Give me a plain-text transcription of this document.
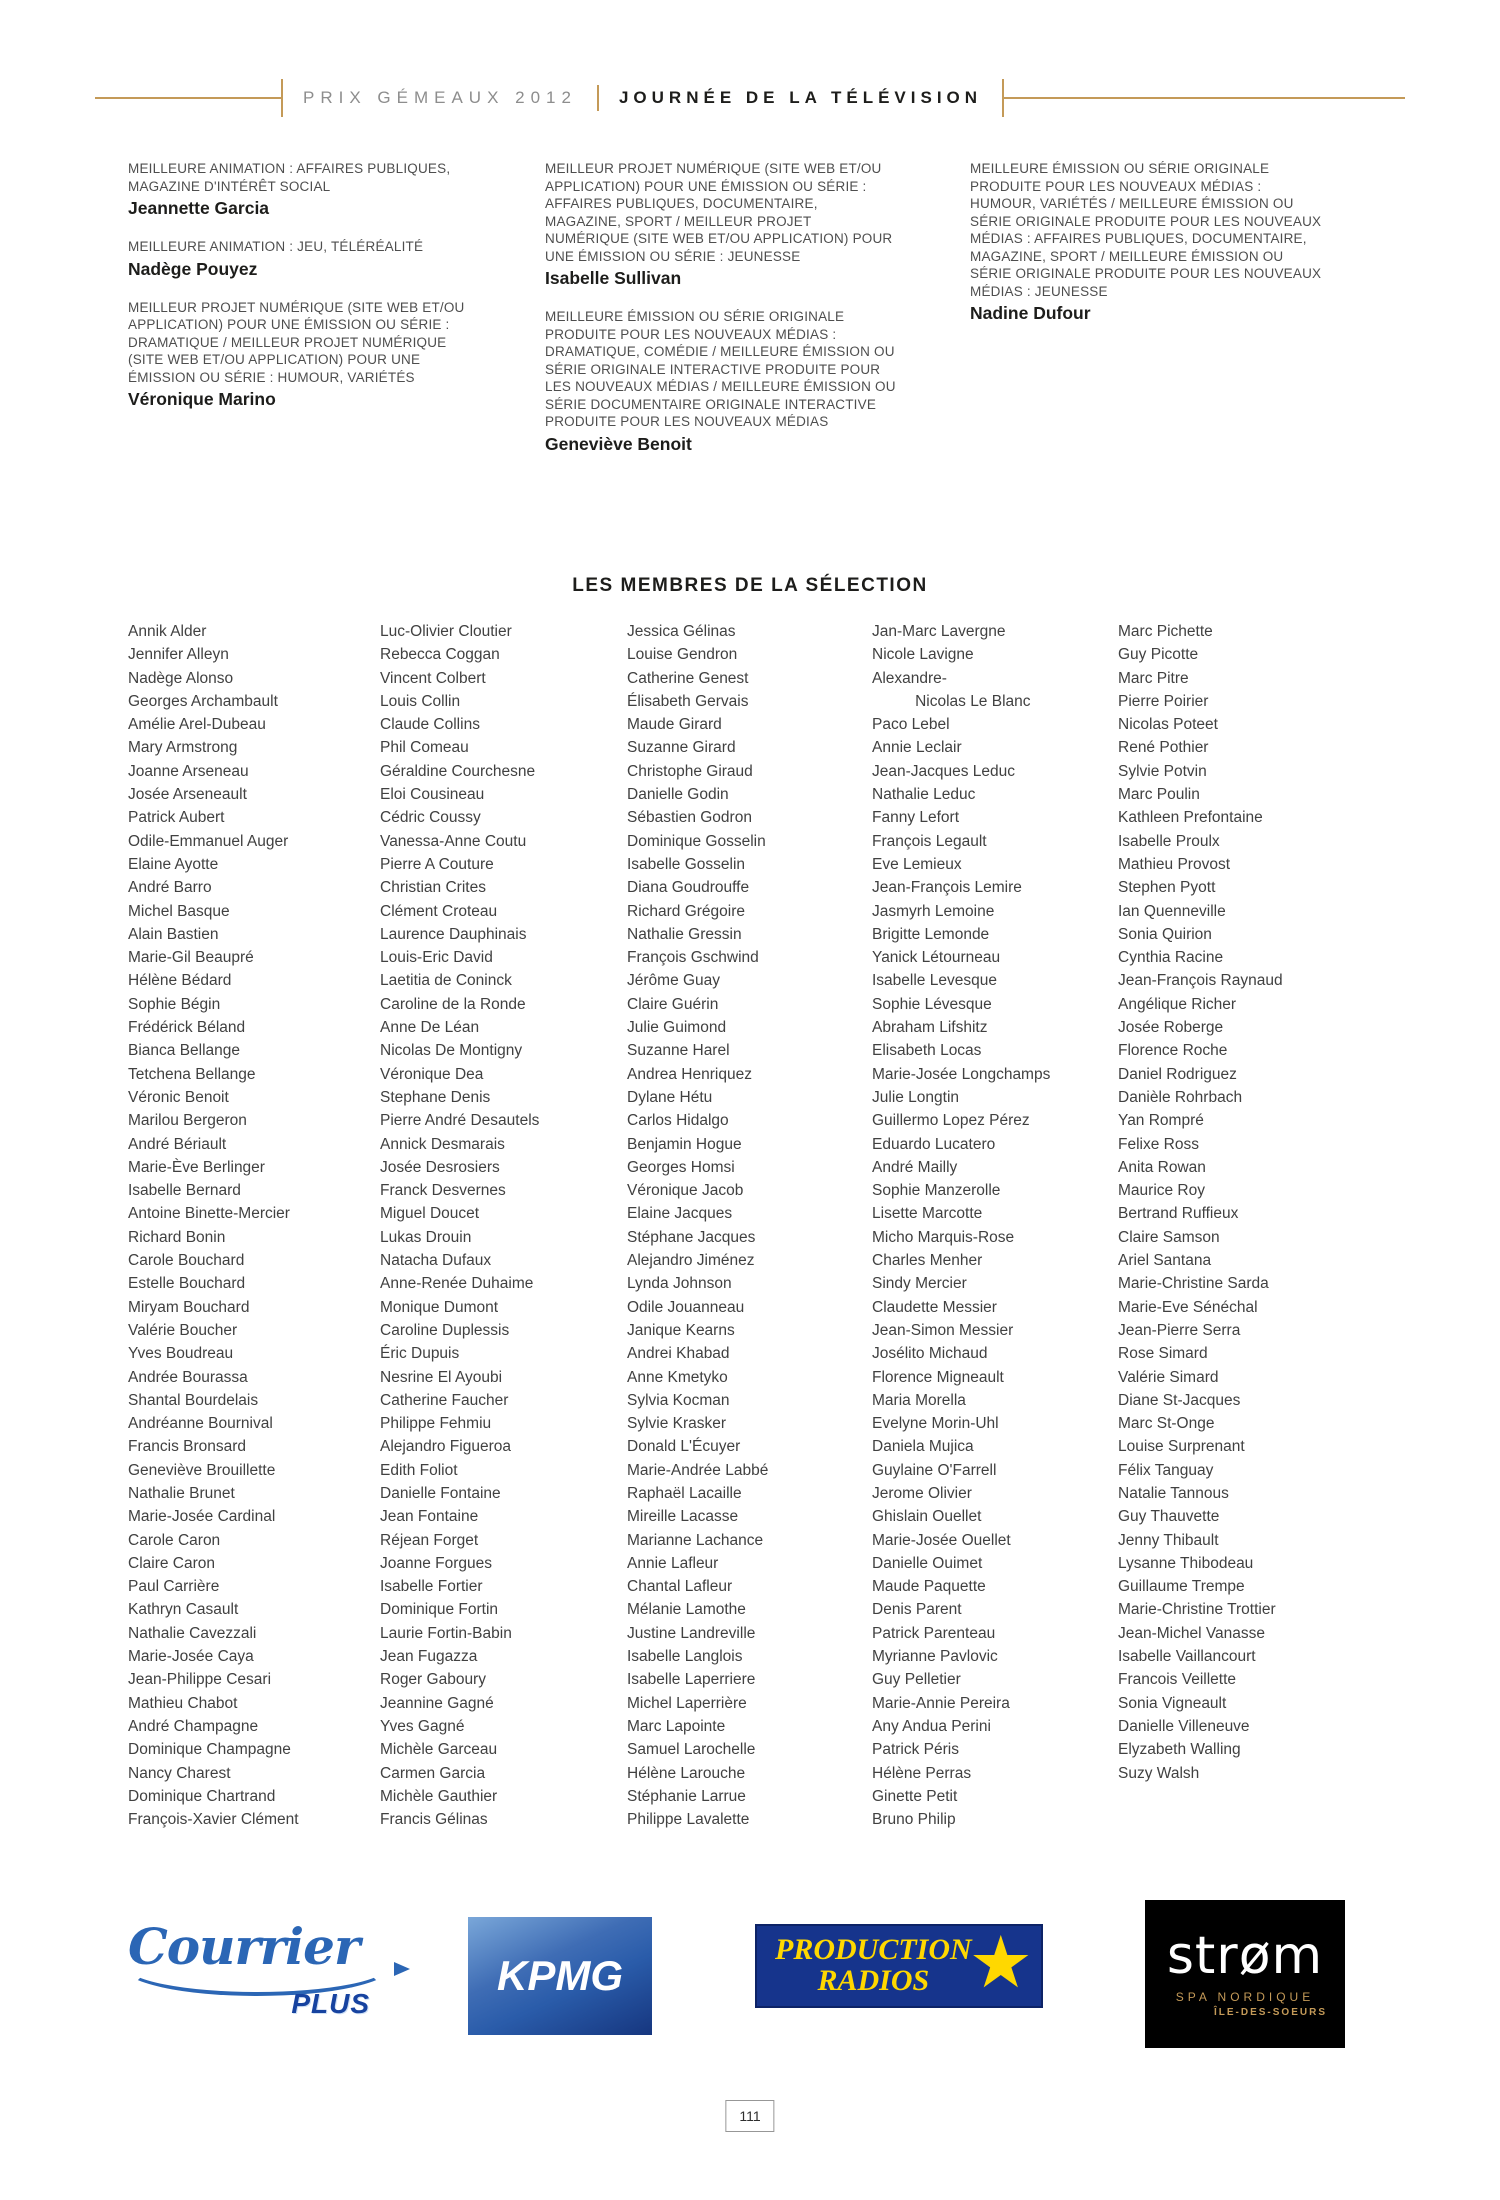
PRIX GÉMEAUX 2012	JOURNÉE DE LA TÉLÉVISION
MEILLEURE ANIMATION : AFFAIRES PUBLIQUES, MAGAZINE D'INTÉRÊT SOCIAL
Jeannette Garcia
MEILLEURE ANIMATION : JEU, TÉLÉRÉALITÉ
Nadège Pouyez
MEILLEUR PROJET NUMÉRIQUE (SITE WEB ET/OU APPLICATION) POUR UNE ÉMISSION OU SÉRIE : DRAMATIQUE / MEILLEUR PROJET NUMÉRIQUE (SITE WEB ET/OU APPLICATION) POUR UNE ÉMISSION OU SÉRIE : HUMOUR, VARIÉTÉS
Véronique Marino
MEILLEUR PROJET NUMÉRIQUE (SITE WEB ET/OU APPLICATION) POUR UNE ÉMISSION OU SÉRIE : AFFAIRES PUBLIQUES, DOCUMENTAIRE, MAGAZINE, SPORT / MEILLEUR PROJET NUMÉRIQUE (SITE WEB ET/OU APPLICATION) POUR UNE ÉMISSION OU SÉRIE : JEUNESSE
Isabelle Sullivan
MEILLEURE ÉMISSION OU SÉRIE ORIGINALE PRODUITE POUR LES NOUVEAUX MÉDIAS : DRAMATIQUE, COMÉDIE / MEILLEURE ÉMISSION OU SÉRIE ORIGINALE INTERACTIVE PRODUITE POUR LES NOUVEAUX MÉDIAS / MEILLEURE ÉMISSION OU SÉRIE DOCUMENTAIRE ORIGINALE INTERACTIVE PRODUITE POUR LES NOUVEAUX MÉDIAS
Geneviève Benoit
MEILLEURE ÉMISSION OU SÉRIE ORIGINALE PRODUITE POUR LES NOUVEAUX MÉDIAS : HUMOUR, VARIÉTÉS / MEILLEURE ÉMISSION OU SÉRIE ORIGINALE PRODUITE POUR LES NOUVEAUX MÉDIAS : AFFAIRES PUBLIQUES, DOCUMENTAIRE, MAGAZINE, SPORT / MEILLEURE ÉMISSION OU SÉRIE ORIGINALE PRODUITE POUR LES NOUVEAUX MÉDIAS : JEUNESSE
Nadine Dufour
LES MEMBRES DE LA SÉLECTION
Annik Alder
Jennifer Alleyn
Nadège Alonso
Georges Archambault
Amélie Arel-Dubeau
Mary Armstrong
Joanne Arseneau
Josée Arseneault
Patrick Aubert
Odile-Emmanuel Auger
Elaine Ayotte
André Barro
Michel Basque
Alain Bastien
Marie-Gil Beaupré
Hélène Bédard
Sophie Bégin
Frédérick Béland
Bianca Bellange
Tetchena Bellange
Véronic Benoit
Marilou Bergeron
André Bériault
Marie-Ève Berlinger
Isabelle Bernard
Antoine Binette-Mercier
Richard Bonin
Carole Bouchard
Estelle Bouchard
Miryam Bouchard
Valérie Boucher
Yves Boudreau
Andrée Bourassa
Shantal Bourdelais
Andréanne Bournival
Francis Bronsard
Geneviève Brouillette
Nathalie Brunet
Marie-Josée Cardinal
Carole Caron
Claire Caron
Paul Carrière
Kathryn Casault
Nathalie Cavezzali
Marie-Josée Caya
Jean-Philippe Cesari
Mathieu Chabot
André Champagne
Dominique Champagne
Nancy Charest
Dominique Chartrand
François-Xavier Clément
Luc-Olivier Cloutier
Rebecca Coggan
Vincent Colbert
Louis Collin
Claude Collins
Phil Comeau
Géraldine Courchesne
Eloi Cousineau
Cédric Coussy
Vanessa-Anne Coutu
Pierre A Couture
Christian Crites
Clément Croteau
Laurence Dauphinais
Louis-Eric David
Laetitia de Coninck
Caroline de la Ronde
Anne De Léan
Nicolas De Montigny
Véronique Dea
Stephane Denis
Pierre André Desautels
Annick Desmarais
Josée Desrosiers
Franck Desvernes
Miguel Doucet
Lukas Drouin
Natacha Dufaux
Anne-Renée Duhaime
Monique Dumont
Caroline Duplessis
Éric Dupuis
Nesrine El Ayoubi
Catherine Faucher
Philippe Fehmiu
Alejandro Figueroa
Edith Foliot
Danielle Fontaine
Jean Fontaine
Réjean Forget
Joanne Forgues
Isabelle Fortier
Dominique Fortin
Laurie Fortin-Babin
Jean Fugazza
Roger Gaboury
Jeannine Gagné
Yves Gagné
Michèle Garceau
Carmen Garcia
Michèle Gauthier
Francis Gélinas
Jessica Gélinas
Louise Gendron
Catherine Genest
Élisabeth Gervais
Maude Girard
Suzanne Girard
Christophe Giraud
Danielle Godin
Sébastien Godron
Dominique Gosselin
Isabelle Gosselin
Diana Goudrouffe
Richard Grégoire
Nathalie Gressin
François Gschwind
Jérôme Guay
Claire Guérin
Julie Guimond
Suzanne Harel
Andrea Henriquez
Dylane Hétu
Carlos Hidalgo
Benjamin Hogue
Georges Homsi
Véronique Jacob
Elaine Jacques
Stéphane Jacques
Alejandro Jiménez
Lynda Johnson
Odile Jouanneau
Janique Kearns
Andrei Khabad
Anne Kmetyko
Sylvia Kocman
Sylvie Krasker
Donald L'Écuyer
Marie-Andrée Labbé
Raphaël Lacaille
Mireille Lacasse
Marianne Lachance
Annie Lafleur
Chantal Lafleur
Mélanie Lamothe
Justine Landreville
Isabelle Langlois
Isabelle Laperriere
Michel Laperrière
Marc Lapointe
Samuel Larochelle
Hélène Larouche
Stéphanie Larrue
Philippe Lavalette
Jan-Marc Lavergne
Nicole Lavigne
Alexandre-
Nicolas Le Blanc
Paco Lebel
Annie Leclair
Jean-Jacques Leduc
Nathalie Leduc
Fanny Lefort
François Legault
Eve Lemieux
Jean-François Lemire
Jasmyrh Lemoine
Brigitte Lemonde
Yanick Létourneau
Isabelle Levesque
Sophie Lévesque
Abraham Lifshitz
Elisabeth Locas
Marie-Josée Longchamps
Julie Longtin
Guillermo Lopez Pérez
Eduardo Lucatero
André Mailly
Sophie Manzerolle
Lisette Marcotte
Micho Marquis-Rose
Charles Menher
Sindy Mercier
Claudette Messier
Jean-Simon Messier
Josélito Michaud
Florence Migneault
Maria Morella
Evelyne Morin-Uhl
Daniela Mujica
Guylaine O'Farrell
Jerome Olivier
Ghislain Ouellet
Marie-Josée Ouellet
Danielle Ouimet
Maude Paquette
Denis Parent
Patrick Parenteau
Myrianne Pavlovic
Guy Pelletier
Marie-Annie Pereira
Any Andua Perini
Patrick Péris
Hélène Perras
Ginette Petit
Bruno Philip
Marc Pichette
Guy Picotte
Marc Pitre
Pierre Poirier
Nicolas Poteet
René Pothier
Sylvie Potvin
Marc Poulin
Kathleen Prefontaine
Isabelle Proulx
Mathieu Provost
Stephen Pyott
Ian Quenneville
Sonia Quirion
Cynthia Racine
Jean-François Raynaud
Angélique Richer
Josée Roberge
Florence Roche
Daniel Rodriguez
Danièle Rohrbach
Yan Rompré
Felixe Ross
Anita Rowan
Maurice Roy
Bertrand Ruffieux
Claire Samson
Ariel Santana
Marie-Christine Sarda
Marie-Eve Sénéchal
Jean-Pierre Serra
Rose Simard
Valérie Simard
Diane St-Jacques
Marc St-Onge
Louise Surprenant
Félix Tanguay
Natalie Tannous
Guy Thauvette
Jenny Thibault
Lysanne Thibodeau
Guillaume Trempe
Marie-Christine Trottier
Jean-Michel Vanasse
Isabelle Vaillancourt
Francois Veillette
Sonia Vigneault
Danielle Villeneuve
Elyzabeth Walling
Suzy Walsh
Courrier
PLUS
KPMG
PRODUCTION
RADIOS ★	strøm
SPA NORDIQUE
ÎLE-DES-SOEURS
111
